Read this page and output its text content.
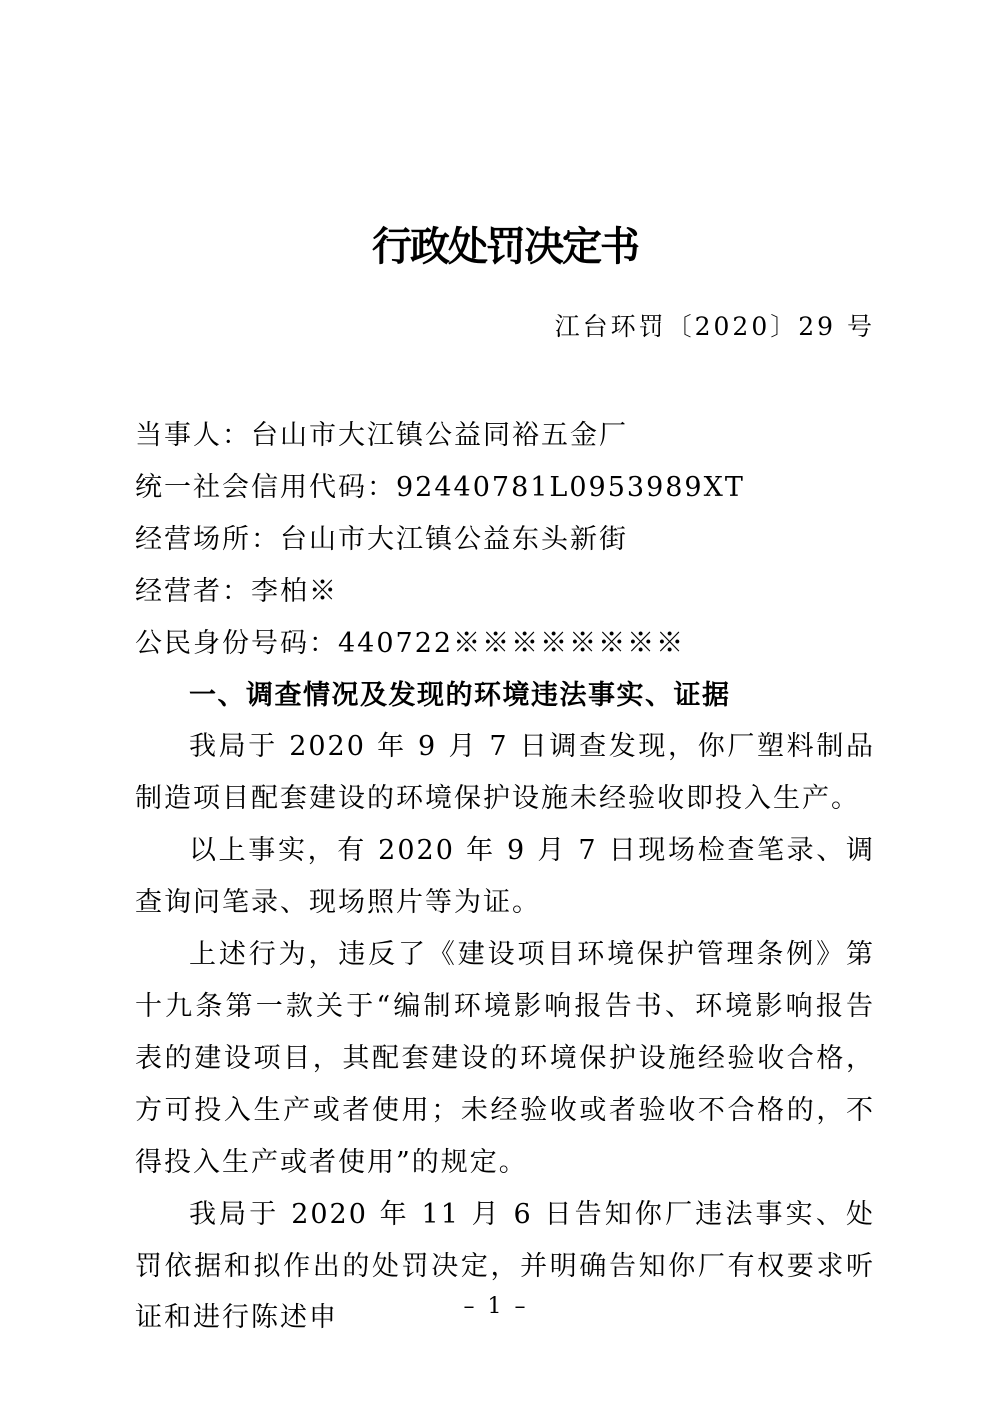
行政处罚决定书
江台环罚〔2020〕29 号
当事人：台山市大江镇公益同裕五金厂
统一社会信用代码：92440781L0953989XT
经营场所：台山市大江镇公益东头新街
经营者：李柏※
公民身份号码：440722※※※※※※※※
一、调查情况及发现的环境违法事实、证据

我局于 2020 年 9 月 7 日调查发现，你厂塑料制品制造项目配套建设的环境保护设施未经验收即投入生产。

以上事实，有 2020 年 9 月 7 日现场检查笔录、调查询问笔录、现场照片等为证。

上述行为，违反了《建设项目环境保护管理条例》第十九条第一款关于“编制环境影响报告书、环境影响报告表的建设项目，其配套建设的环境保护设施经验收合格，方可投入生产或者使用；未经验收或者验收不合格的，不得投入生产或者使用”的规定。

我局于 2020 年 11 月 6 日告知你厂违法事实、处罚依据和拟作出的处罚决定，并明确告知你厂有权要求听证和进行陈述申	– 1 –
